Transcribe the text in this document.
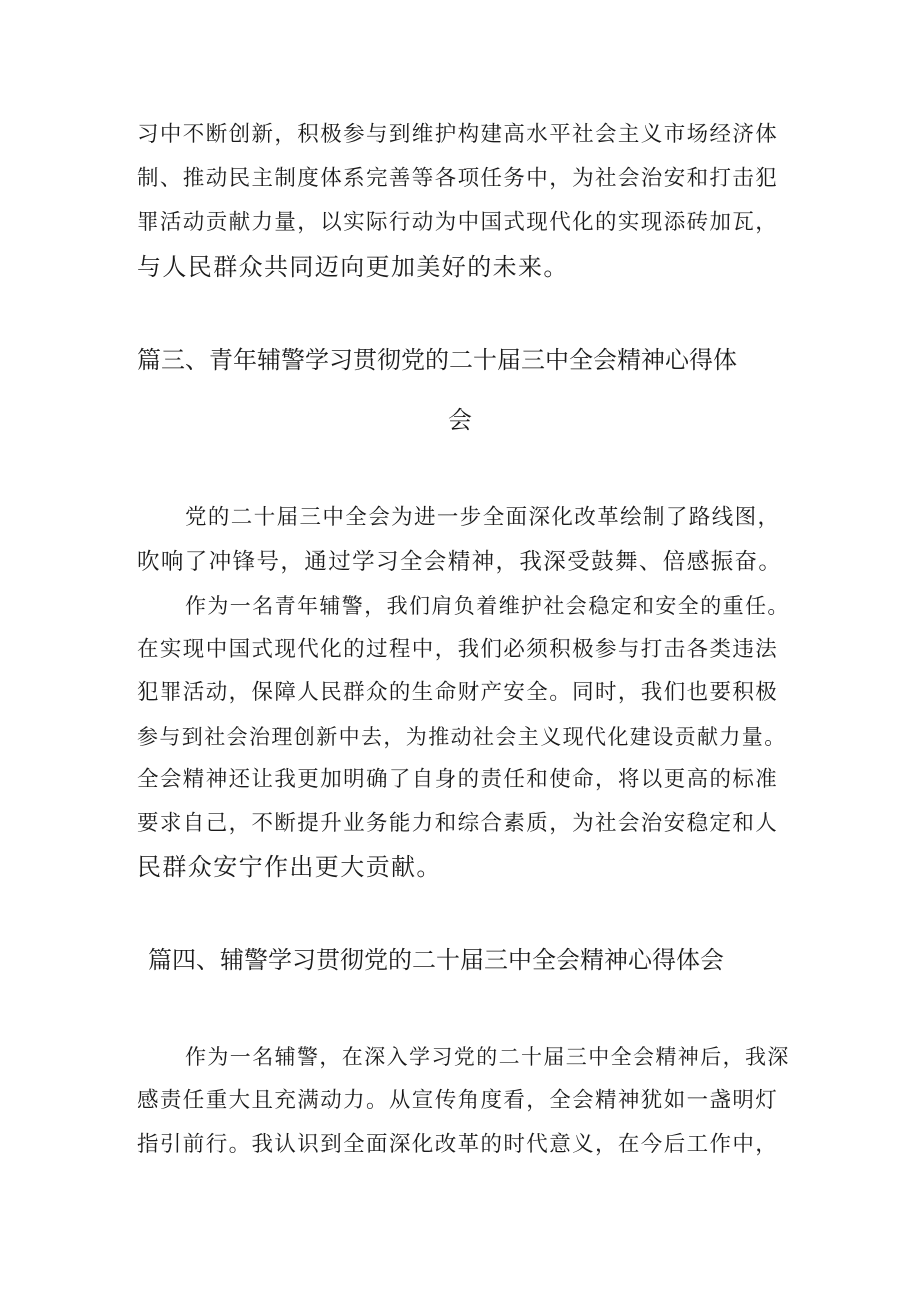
习中不断创新，积极参与到维护构建高水平社会主义市场经济体
制、推动民主制度体系完善等各项任务中，为社会治安和打击犯
罪活动贡献力量，以实际行动为中国式现代化的实现添砖加瓦，
与人民群众共同迈向更加美好的未来。
篇三、青年辅警学习贯彻党的二十届三中全会精神心得体
会
党的二十届三中全会为进一步全面深化改革绘制了路线图，
吹响了冲锋号，通过学习全会精神，我深受鼓舞、倍感振奋。
作为一名青年辅警，我们肩负着维护社会稳定和安全的重任。
在实现中国式现代化的过程中，我们必须积极参与打击各类违法
犯罪活动，保障人民群众的生命财产安全。同时，我们也要积极
参与到社会治理创新中去，为推动社会主义现代化建设贡献力量。
全会精神还让我更加明确了自身的责任和使命，将以更高的标准
要求自己，不断提升业务能力和综合素质，为社会治安稳定和人
民群众安宁作出更大贡献。
篇四、辅警学习贯彻党的二十届三中全会精神心得体会
作为一名辅警，在深入学习党的二十届三中全会精神后，我深
感责任重大且充满动力。从宣传角度看，全会精神犹如一盏明灯
指引前行。我认识到全面深化改革的时代意义，在今后工作中，
